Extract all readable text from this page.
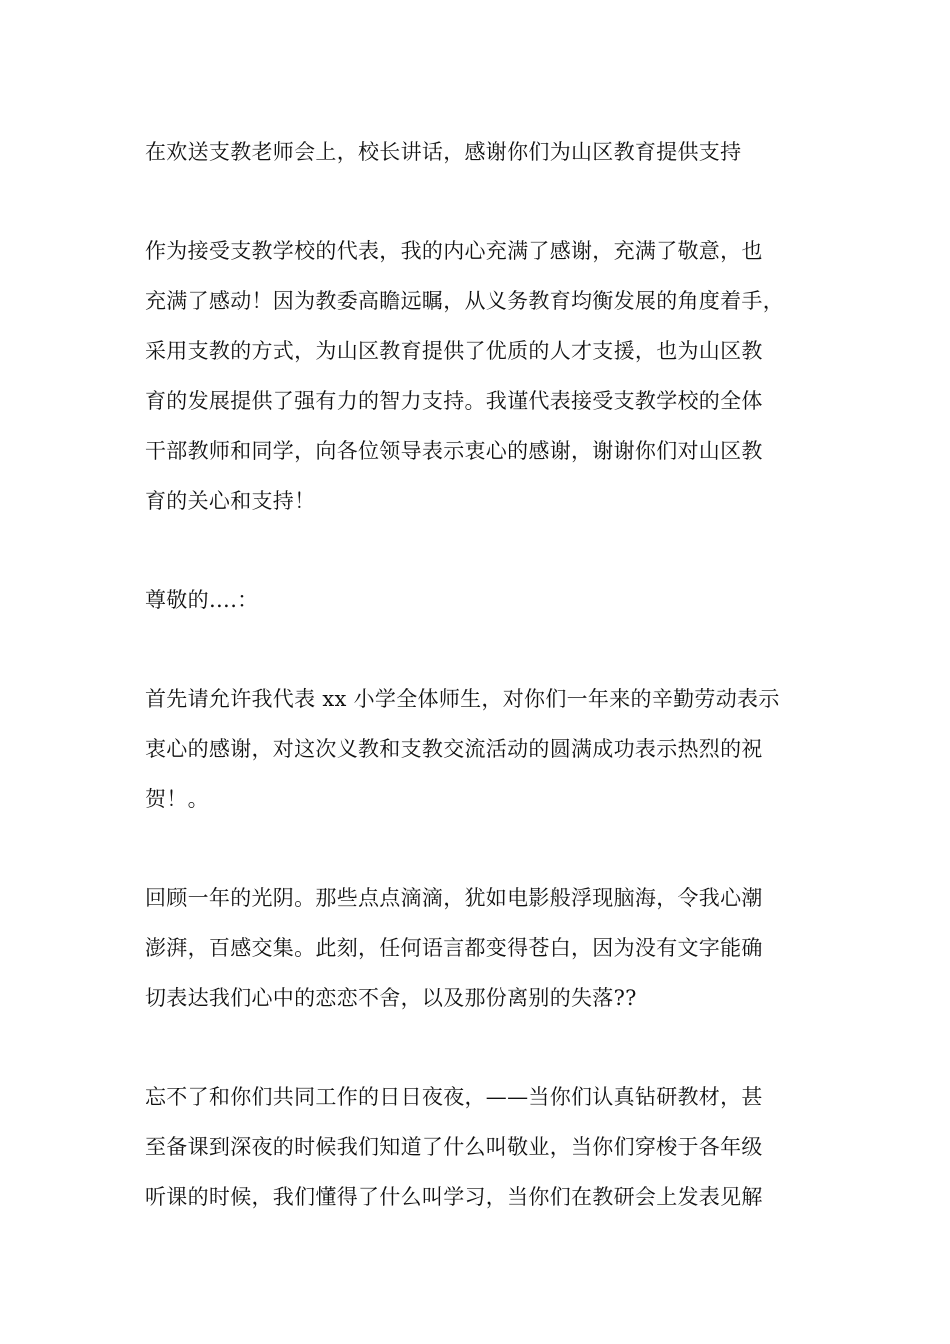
在欢送支教老师会上，校长讲话，感谢你们为山区教育提供支持
作为接受支教学校的代表，我的内心充满了感谢，充满了敬意，也
充满了感动！因为教委高瞻远瞩，从义务教育均衡发展的角度着手，
采用支教的方式，为山区教育提供了优质的人才支援，也为山区教
育的发展提供了强有力的智力支持。我谨代表接受支教学校的全体
干部教师和同学，向各位领导表示衷心的感谢，谢谢你们对山区教
育的关心和支持！
尊敬的….：
首先请允许我代表 xx 小学全体师生，对你们一年来的辛勤劳动表示
衷心的感谢，对这次义教和支教交流活动的圆满成功表示热烈的祝
贺！。
回顾一年的光阴。那些点点滴滴，犹如电影般浮现脑海，令我心潮
澎湃，百感交集。此刻，任何语言都变得苍白，因为没有文字能确
切表达我们心中的恋恋不舍，以及那份离别的失落??
忘不了和你们共同工作的日日夜夜，——当你们认真钻研教材，甚
至备课到深夜的时候我们知道了什么叫敬业，当你们穿梭于各年级
听课的时候，我们懂得了什么叫学习，当你们在教研会上发表见解
